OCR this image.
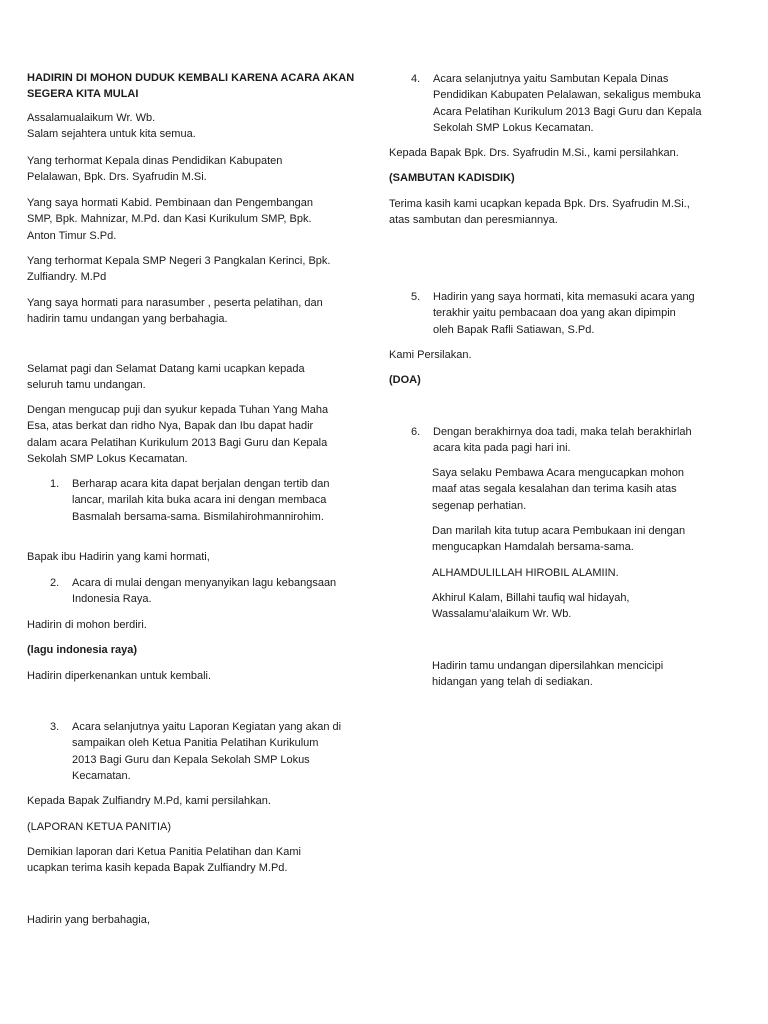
HADIRIN DI MOHON DUDUK KEMBALI KARENA ACARA AKAN
SEGERA KITA MULAI
Assalamualaikum Wr. Wb.
Salam sejahtera untuk kita semua.
Yang terhormat Kepala dinas Pendidikan Kabupaten
Pelalawan, Bpk. Drs. Syafrudin M.Si.
Yang saya hormati Kabid. Pembinaan dan Pengembangan
SMP, Bpk. Mahnizar, M.Pd. dan Kasi Kurikulum SMP, Bpk.
Anton Timur S.Pd.
Yang terhormat Kepala SMP Negeri 3 Pangkalan Kerinci, Bpk.
Zulfiandry. M.Pd
Yang saya hormati para narasumber , peserta pelatihan, dan
hadirin tamu undangan yang berbahagia.
Selamat pagi dan Selamat Datang kami ucapkan kepada
seluruh tamu undangan.
Dengan mengucap puji dan syukur kepada Tuhan Yang Maha
Esa, atas berkat dan ridho Nya, Bapak dan Ibu dapat hadir
dalam acara Pelatihan Kurikulum 2013 Bagi Guru dan Kepala
Sekolah SMP Lokus Kecamatan.
1. Berharap acara kita dapat berjalan dengan tertib dan
lancar, marilah kita buka acara ini dengan membaca
Basmalah bersama-sama. Bismilahirohmannirohim.
Bapak ibu Hadirin yang kami hormati,
2. Acara di mulai dengan menyanyikan lagu kebangsaan
Indonesia Raya.
Hadirin di mohon berdiri.
(lagu indonesia raya)
Hadirin diperkenankan untuk kembali.
3. Acara selanjutnya yaitu Laporan Kegiatan yang akan di
sampaikan oleh Ketua Panitia Pelatihan Kurikulum
2013 Bagi Guru dan Kepala Sekolah SMP Lokus
Kecamatan.
Kepada Bapak Zulfiandry M.Pd, kami persilahkan.
(LAPORAN KETUA PANITIA)
Demikian laporan dari Ketua Panitia Pelatihan dan Kami
ucapkan terima kasih kepada Bapak Zulfiandry M.Pd.
Hadirin yang berbahagia,
4. Acara selanjutnya yaitu Sambutan Kepala Dinas
Pendidikan Kabupaten Pelalawan, sekaligus membuka
Acara Pelatihan Kurikulum 2013 Bagi Guru dan Kepala
Sekolah SMP Lokus Kecamatan.
Kepada Bapak Bpk. Drs. Syafrudin M.Si., kami persilahkan.
(SAMBUTAN KADISDIK)
Terima kasih kami ucapkan kepada Bpk. Drs. Syafrudin M.Si.,
atas sambutan dan peresmiannya.
5. Hadirin yang saya hormati, kita memasuki acara yang
terakhir yaitu pembacaan doa yang akan dipimpin
oleh Bapak Rafli Satiawan, S.Pd.
Kami Persilakan.
(DOA)
6. Dengan berakhirnya doa tadi, maka telah berakhirlah
acara kita pada pagi hari ini.
Saya selaku Pembawa Acara mengucapkan mohon
maaf atas segala kesalahan dan terima kasih atas
segenap perhatian.
Dan marilah kita tutup acara Pembukaan ini dengan
mengucapkan Hamdalah bersama-sama.
ALHAMDULILLAH HIROBIL ALAMIIN.
Akhirul Kalam, Billahi taufiq wal hidayah,
Wassalamu’alaikum Wr. Wb.
Hadirin tamu undangan dipersilahkan mencicipi
hidangan yang telah di sediakan.
